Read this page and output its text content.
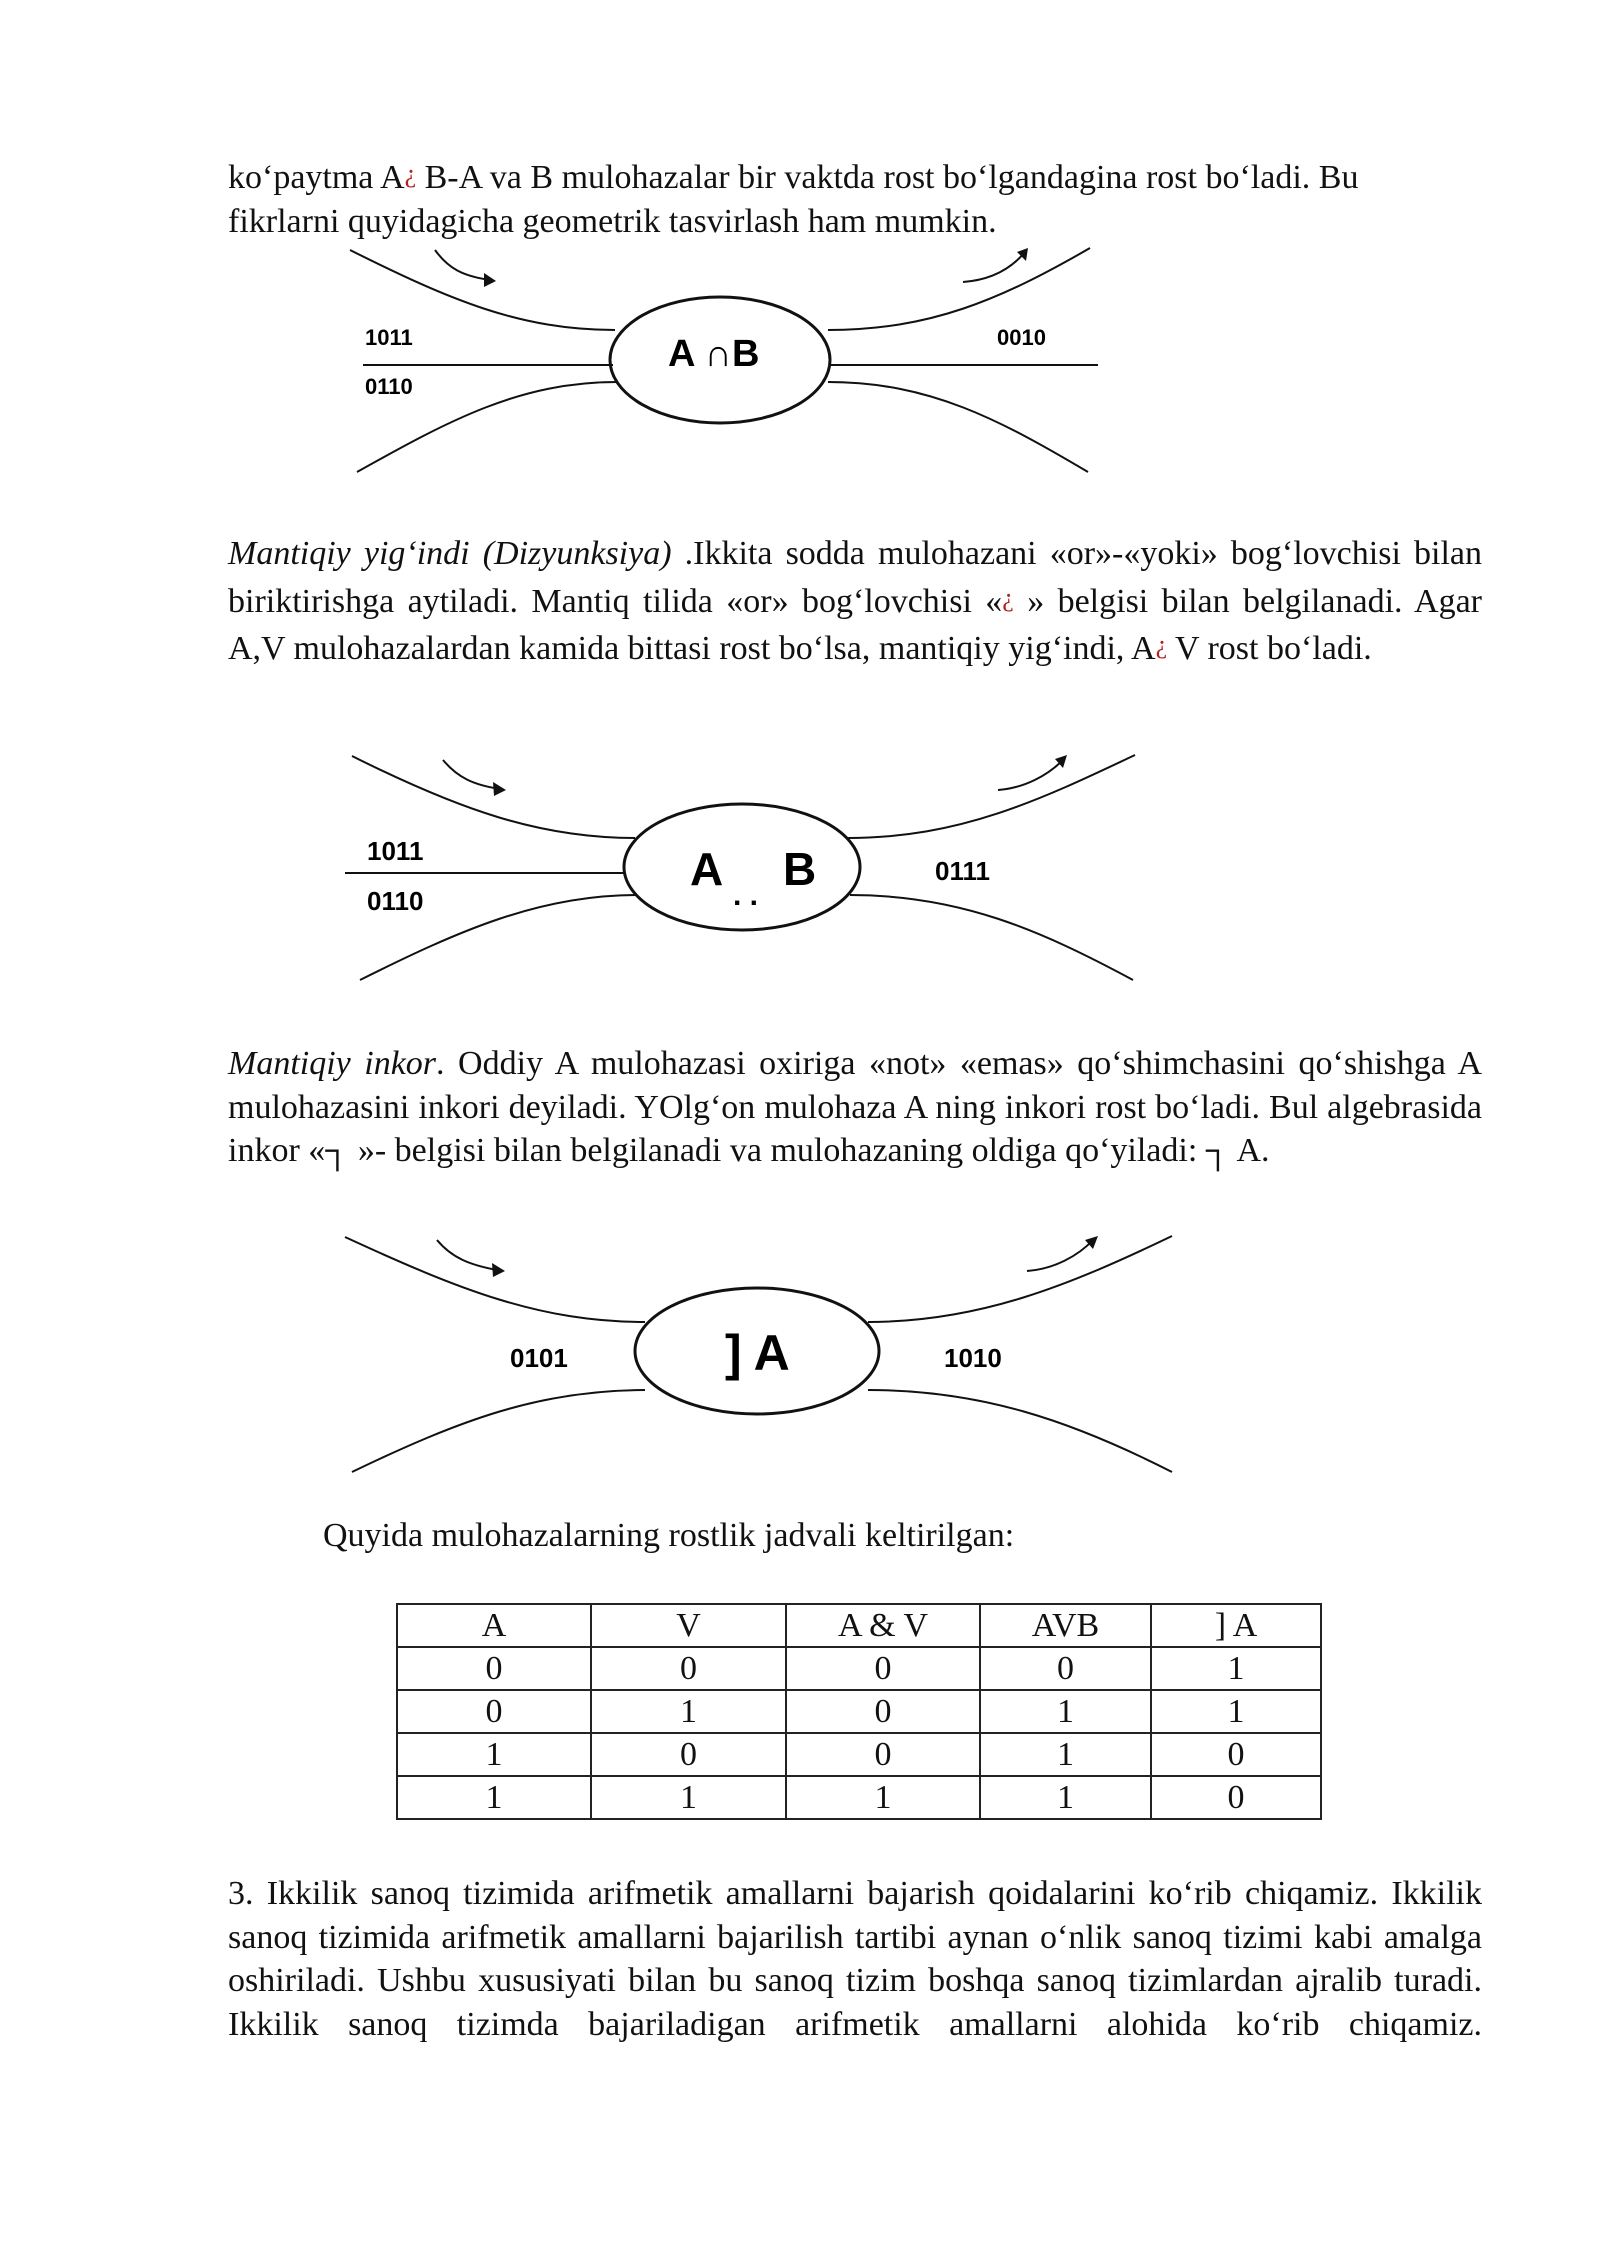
ko‘paytma A¿ B-A va B mulohazalar bir vaktda rost bo‘lgandagina rost bo‘ladi. Bu
fikrlarni quyidagicha geometrik tasvirlash ham mumkin.

1011
0110
0010
A ∩B

Mantiqiy yig‘indi (Dizyunksiya) .Ikkita sodda mulohazani «or»-«yoki» bog‘lovchisi bilan biriktirishga aytiladi. Mantiq tilida «or» bog‘lovchisi «¿ » belgisi bilan belgilanadi. Agar A,V mulohazalardan kamida bittasi rost bo‘lsa, mantiqiy yig‘indi, A¿ V rost bo‘ladi.

1011
0110
0111
A B
. .

Mantiqiy inkor. Oddiy A mulohazasi oxiriga «not» «emas» qo‘shimchasini qo‘shishga A mulohazasini inkori deyiladi. YOlg‘on mulohaza A ning inkori rost bo‘ladi. Bul algebrasida inkor «┐ »- belgisi bilan belgilanadi va mulohazaning oldiga qo‘yiladi: ┐ A.

0101	1010
] A

Quyida mulohazalarning rostlik jadvali keltirilgan:

A	V	A & V	AVB	] A
0	0	0	0	1
0	1	0	1	1
1	0	0	1	0
1	1	1	1	0

3. Ikkilik sanoq tizimida arifmetik amallarni bajarish qoidalarini ko‘rib chiqamiz. Ikkilik sanoq tizimida arifmetik amallarni bajarilish tartibi aynan o‘nlik sanoq tizimi kabi amalga oshiriladi. Ushbu xususiyati bilan bu sanoq tizim boshqa sanoq tizimlardan ajralib turadi. Ikkilik sanoq tizimda bajariladigan arifmetik amallarni alohida ko‘rib chiqamiz.
